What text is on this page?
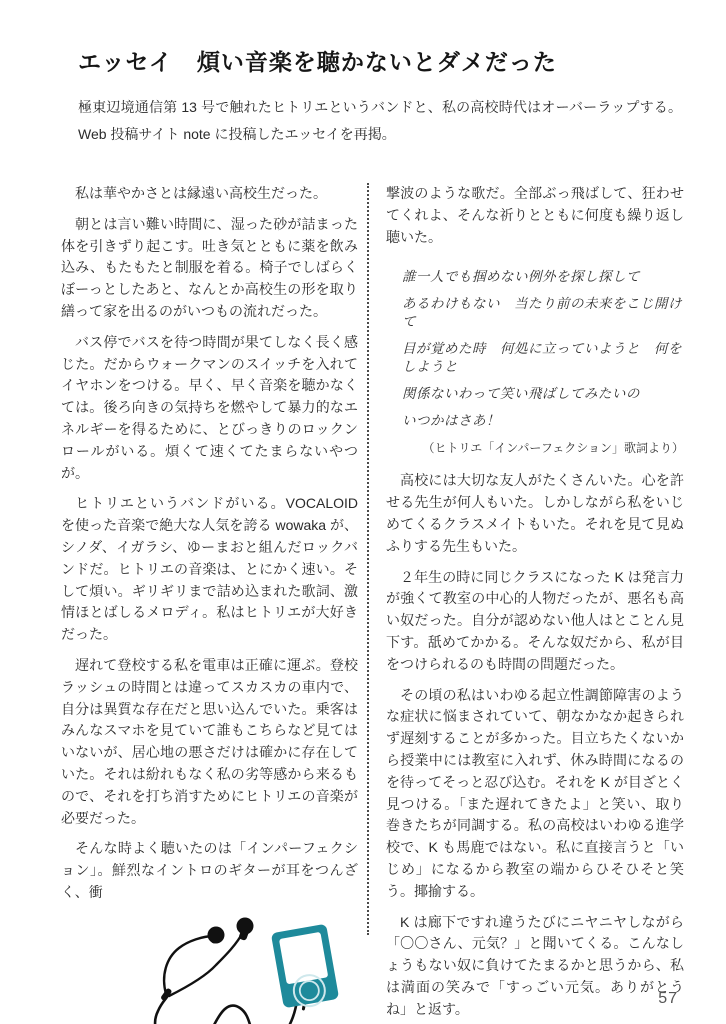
エッセイ　煩い音楽を聴かないとダメだった

極東辺境通信第 13 号で触れたヒトリエというバンドと、私の高校時代はオーバーラップする。Web 投稿サイト note に投稿したエッセイを再掲。

私は華やかさとは縁遠い高校生だった。

朝とは言い難い時間に、湿った砂が詰まった体を引きずり起こす。吐き気とともに薬を飲み込み、もたもたと制服を着る。椅子でしばらくぼーっとしたあと、なんとか高校生の形を取り繕って家を出るのがいつもの流れだった。

バス停でバスを待つ時間が果てしなく長く感じた。だからウォークマンのスイッチを入れてイヤホンをつける。早く、早く音楽を聴かなくては。後ろ向きの気持ちを燃やして暴力的なエネルギーを得るために、とびっきりのロックンロールがいる。煩くて速くてたまらないやつが。

ヒトリエというバンドがいる。VOCALOID を使った音楽で絶大な人気を誇る wowaka が、シノダ、イガラシ、ゆーまおと組んだロックバンドだ。ヒトリエの音楽は、とにかく速い。そして煩い。ギリギリまで詰め込まれた歌詞、激情ほとばしるメロディ。私はヒトリエが大好きだった。

遅れて登校する私を電車は正確に運ぶ。登校ラッシュの時間とは違ってスカスカの車内で、自分は異質な存在だと思い込んでいた。乗客はみんなスマホを見ていて誰もこちらなど見てはいないが、居心地の悪さだけは確かに存在していた。それは紛れもなく私の劣等感から来るもので、それを打ち消すためにヒトリエの音楽が必要だった。

そんな時よく聴いたのは「インパーフェクション」。鮮烈なイントロのギターが耳をつんざく、衝

撃波のような歌だ。全部ぶっ飛ばして、狂わせてくれよ、そんな祈りとともに何度も繰り返し聴いた。

誰一人でも掴めない例外を探し探して

あるわけもない　当たり前の未来をこじ開けて

目が覚めた時　何処に立っていようと　何をしようと

関係ないわって笑い飛ばしてみたいの

いつかはさあ！

（ヒトリエ「インパーフェクション」歌詞より）

高校には大切な友人がたくさんいた。心を許せる先生が何人もいた。しかしながら私をいじめてくるクラスメイトもいた。それを見て見ぬふりする先生もいた。

２年生の時に同じクラスになった K は発言力が強くて教室の中心的人物だったが、悪名も高い奴だった。自分が認めない他人はとことん見下す。舐めてかかる。そんな奴だから、私が目をつけられるのも時間の問題だった。

その頃の私はいわゆる起立性調節障害のような症状に悩まされていて、朝なかなか起きられず遅刻することが多かった。目立ちたくないから授業中には教室に入れず、休み時間になるのを待ってそっと忍び込む。それを K が目ざとく見つける。「また遅れてきたよ」と笑い、取り巻きたちが同調する。私の高校はいわゆる進学校で、K も馬鹿ではない。私に直接言うと「いじめ」になるから教室の端からひそひそと笑う。揶揄する。

K は廊下ですれ違うたびにニヤニヤしながら「〇〇さん、元気？」と聞いてくる。こんなしょうもない奴に負けてたまるかと思うから、私は満面の笑みで「すっごい元気。ありがとうね」と返す。

57
